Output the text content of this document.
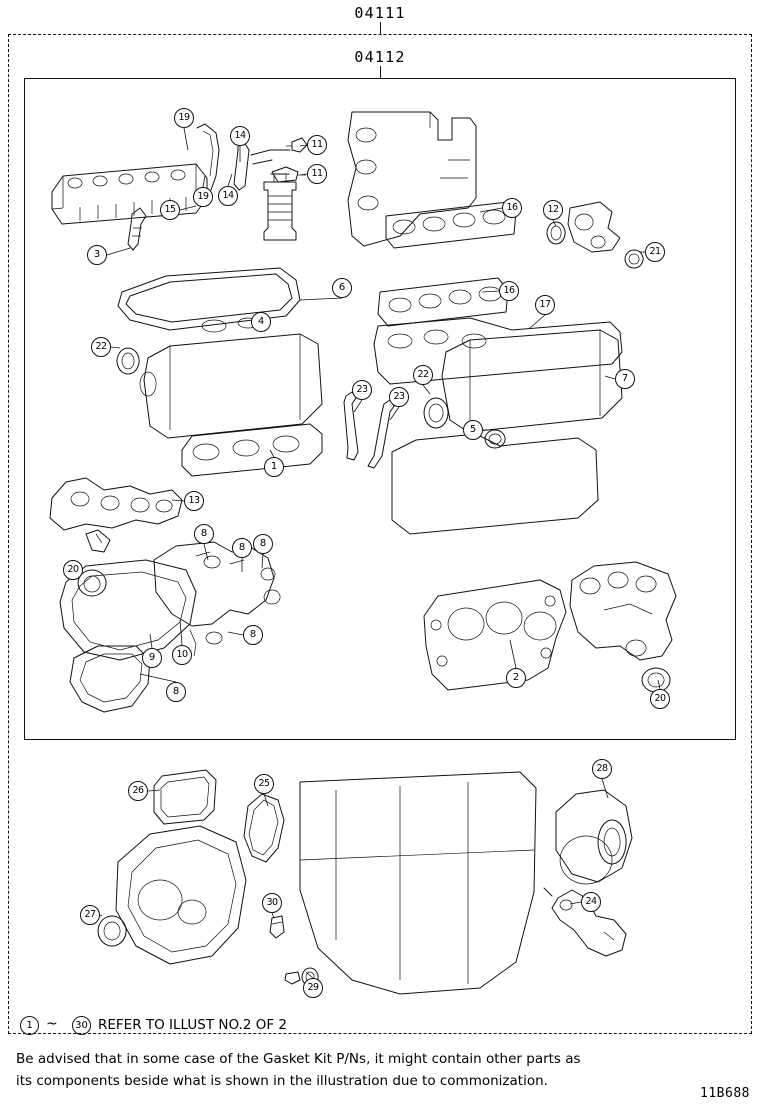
04111
04112
19
14
11
11
16	12
19	14
15
3	21
6	16
17
4
22
7
23
23
22
5
1
13
8
8	8
20
8
9	10
8
2
20
26
25
28
27
30	24
29
1 ~	30 REFER TO ILLUST NO.2 OF 2
Be advised that in some case of the Gasket Kit P/Ns, it might contain other parts as
its components beside what is shown in the illustration due to commonization.
11B688
